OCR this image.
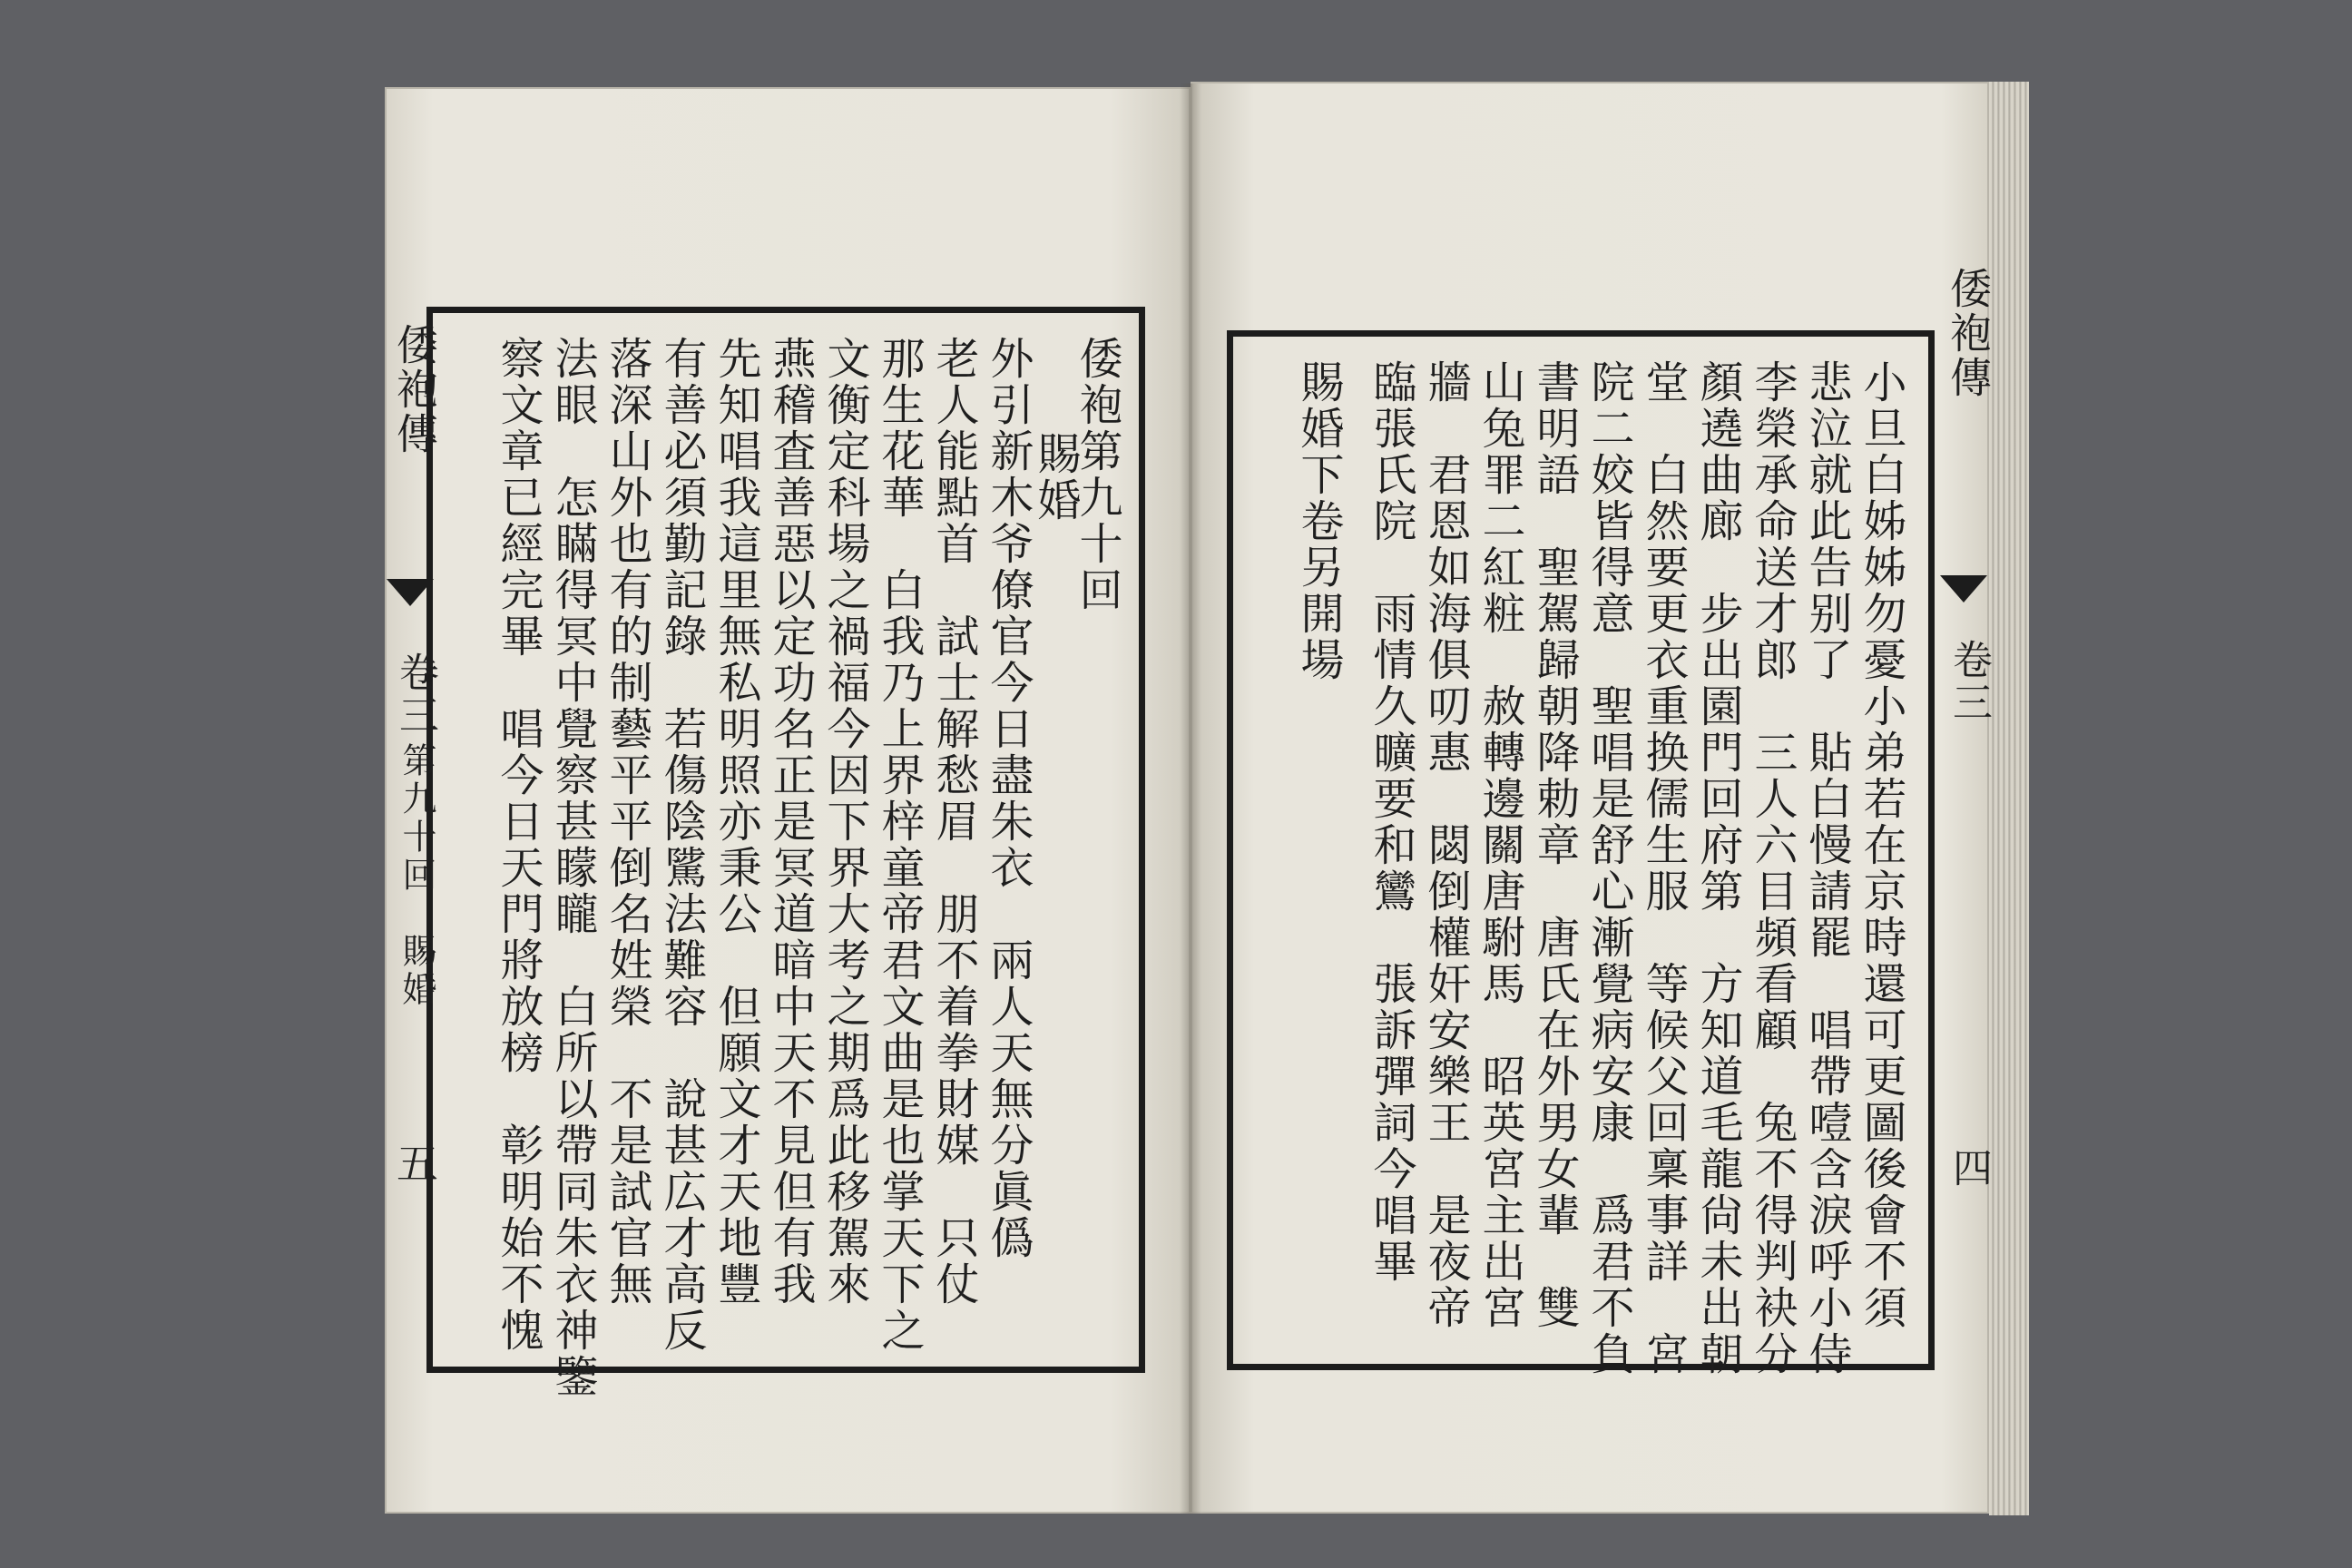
倭袍傳
卷三
第九十回　賜婚
五
倭袍第九十回
賜婚
外引新木爷僚官今日盡朱衣　兩人天無分眞僞
老人能點首　試士解愁眉　朋不着拳財媒　只仗
那生花華　白我乃上界梓童帝君文曲是也掌天下之
文衡定科場之禍福今因下界大考之期爲此移駕來
燕稽査善惡以定功名正是冥道暗中天不見但有我
先知唱我這里無私明照亦秉公　但願文才天地豐
有善必須勤記錄　若傷陰騭法難容　說甚広才高反
落深山外也有的制藝平平倒名姓榮　不是試官無
法眼　怎瞞得冥中覺察甚矇矓　白所以帶同朱衣神鑒
察文章已經完畢　唱今日天門將放榜　彰明始不愧	小旦白姊姊勿憂小弟若在京時還可更圖後會不須
悲泣就此告别了　貼白慢請罷　唱帶噎含淚呼小侍
李榮承命送才郎　三人六目頻看顧　兔不得判袂分
顏遶曲廊　步出園門回府第　方知道毛龍尙未出朝
堂　白然要更衣重换儒生服　等候父回稟事詳　宮
院二姣皆得意　聖唱是舒心漸覺病安康　爲君不負
書明語　聖駕歸朝降勅章　唐氏在外男女輩　雙
山兔罪二紅粧　赦轉邊關唐駙馬　昭英宮主出宮
牆　君恩如海俱叨惠　閟倒權奸安樂王　是夜帝
臨張氏院　雨情久曠要和鸞　張訴彈詞今唱畢
賜婚下卷另開場
倭袍傳
卷三
四
